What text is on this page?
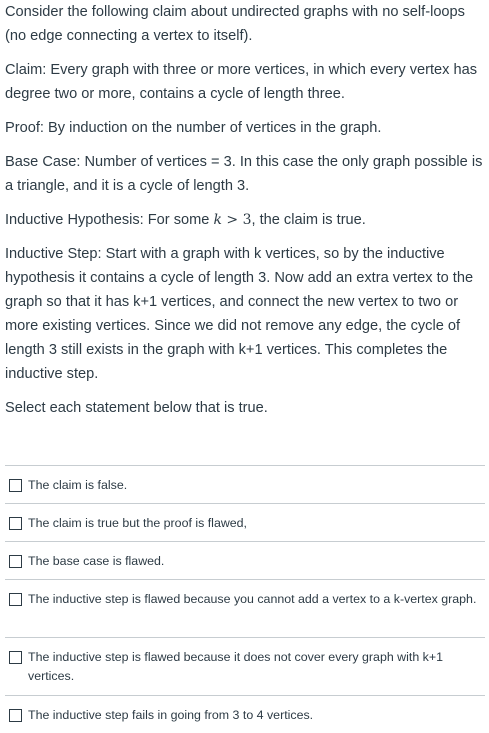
Consider the following claim about undirected graphs with no self-loops (no edge connecting a vertex to itself).

Claim: Every graph with three or more vertices, in which every vertex has degree two or more, contains a cycle of length three.

Proof: By induction on the number of vertices in the graph.

Base Case: Number of vertices = 3. In this case the only graph possible is a triangle, and it is a cycle of length 3.

Inductive Hypothesis: For some k > 3, the claim is true.

Inductive Step: Start with a graph with k vertices, so by the inductive hypothesis it contains a cycle of length 3. Now add an extra vertex to the graph so that it has k+1 vertices, and connect the new vertex to two or more existing vertices. Since we did not remove any edge, the cycle of length 3 still exists in the graph with k+1 vertices. This completes the inductive step.

Select each statement below that is true.

The claim is false.
The claim is true but the proof is flawed,
The base case is flawed.
The inductive step is flawed because you cannot add a vertex to a k-vertex graph.
The inductive step is flawed because it does not cover every graph with k+1 vertices.
The inductive step fails in going from 3 to 4 vertices.
